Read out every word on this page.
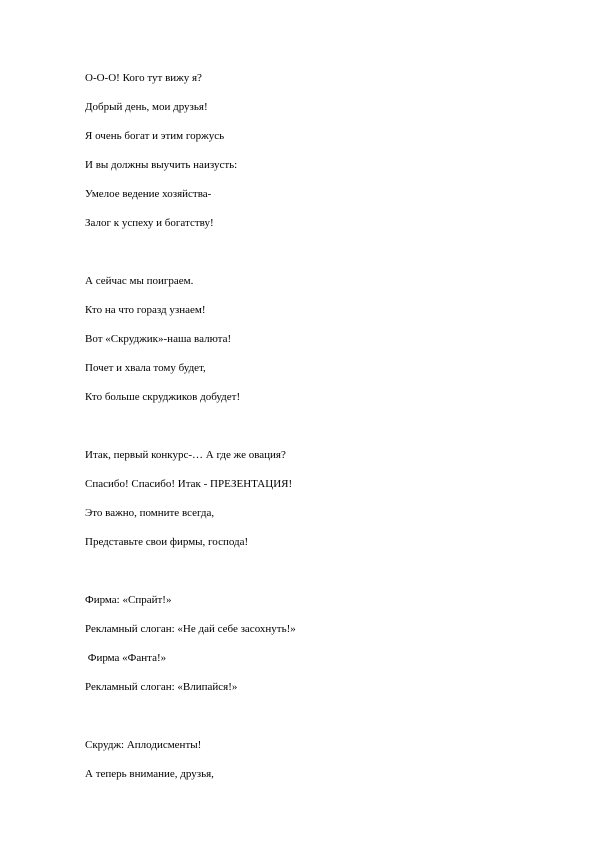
О-О-О! Кого тут вижу я?
Добрый день, мои друзья!
Я очень богат и этим горжусь
И вы должны выучить наизусть:
Умелое ведение хозяйства-
Залог к успеху и богатству!
А сейчас мы поиграем.
Кто на что горазд узнаем!
Вот «Скруджик»-наша валюта!
Почет и хвала тому будет,
Кто больше скруджиков добудет!
Итак, первый конкурс-… А где же овация?
Спасибо! Спасибо! Итак - ПРЕЗЕНТАЦИЯ!
Это важно, помните всегда,
Представьте свои фирмы, господа!
Фирма: «Спрайт!»
Рекламный слоган: «Не дай себе засохнуть!»
Фирма «Фанта!»
Рекламный слоган: «Влипайся!»
Скрудж: Аплодисменты!
А теперь внимание, друзья,
